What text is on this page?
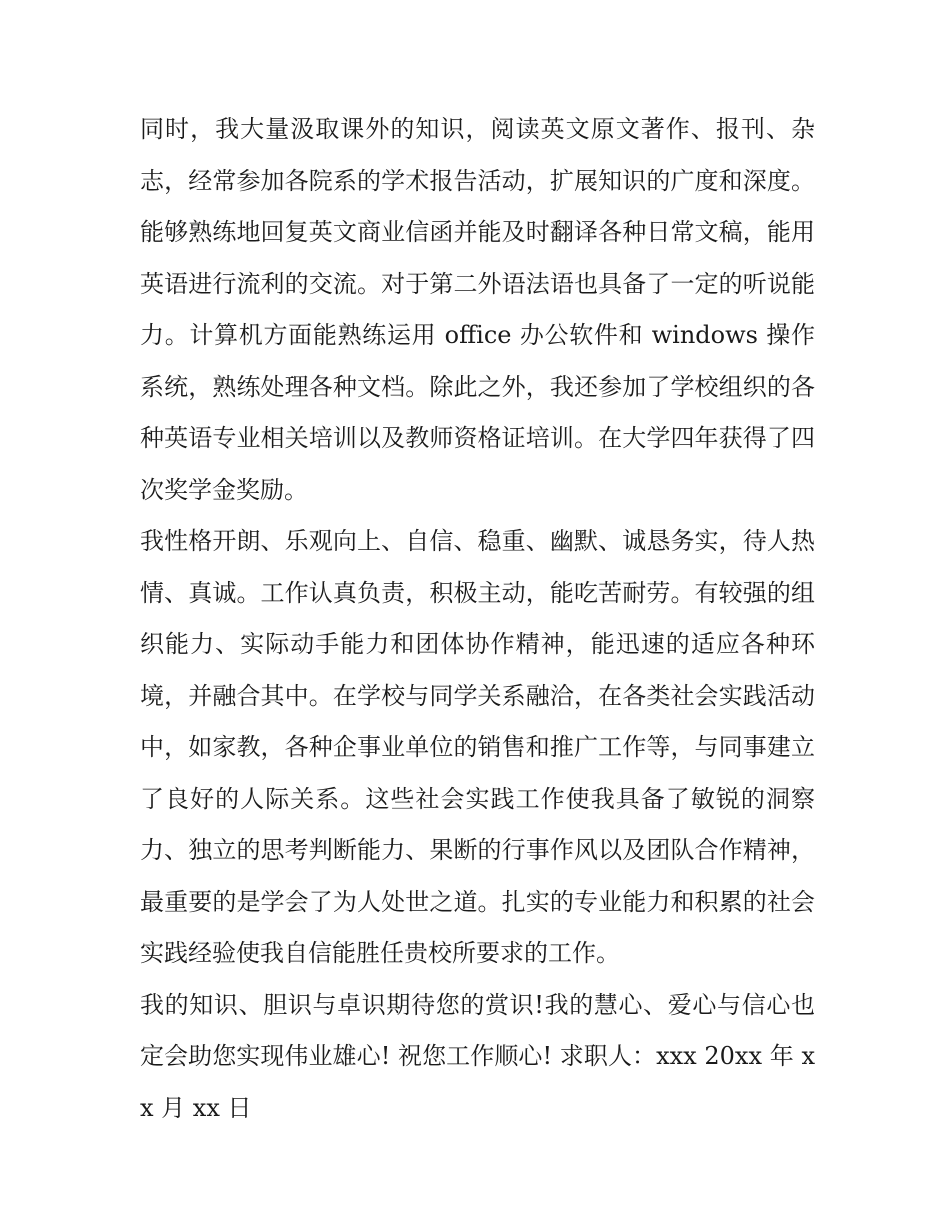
同时，我大量汲取课外的知识，阅读英文原文著作、报刊、杂志，经常参加各院系的学术报告活动，扩展知识的广度和深度。能够熟练地回复英文商业信函并能及时翻译各种日常文稿，能用英语进行流利的交流。对于第二外语法语也具备了一定的听说能力。计算机方面能熟练运用 office 办公软件和 windows 操作系统，熟练处理各种文档。除此之外，我还参加了学校组织的各种英语专业相关培训以及教师资格证培训。在大学四年获得了四次奖学金奖励。

我性格开朗、乐观向上、自信、稳重、幽默、诚恳务实，待人热情、真诚。工作认真负责，积极主动，能吃苦耐劳。有较强的组织能力、实际动手能力和团体协作精神，能迅速的适应各种环境，并融合其中。在学校与同学关系融洽，在各类社会实践活动中，如家教，各种企事业单位的销售和推广工作等，与同事建立了良好的人际关系。这些社会实践工作使我具备了敏锐的洞察力、独立的思考判断能力、果断的行事作风以及团队合作精神，最重要的是学会了为人处世之道。扎实的专业能力和积累的社会实践经验使我自信能胜任贵校所要求的工作。

我的知识、胆识与卓识期待您的赏识!我的慧心、爱心与信心也定会助您实现伟业雄心! 祝您工作顺心! 求职人：xxx 20xx 年 xx 月 xx 日
